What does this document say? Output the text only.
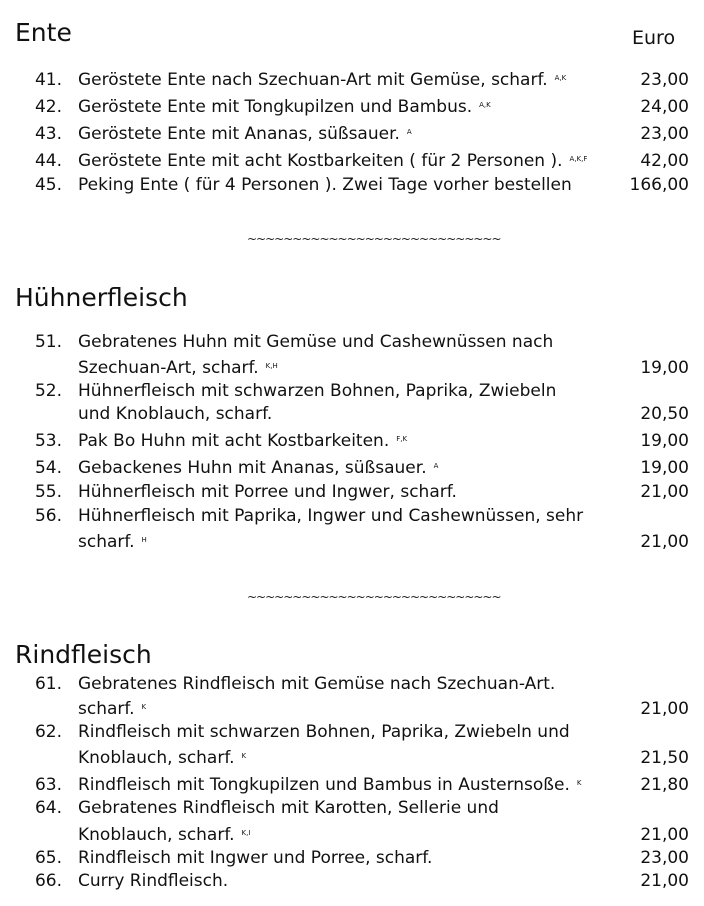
Ente	Euro
41. Geröstete Ente nach Szechuan-Art mit Gemüse, scharf. $^{A,K}$	23,00
42. Geröstete Ente mit Tongkupilzen und Bambus. $^{A,K}$	24,00
43. Geröstete Ente mit Ananas, süßsauer. $^A$	23,00
44. Geröstete Ente mit acht Kostbarkeiten ( für 2 Personen ). $^{A,K,F}$	42,00
45. Peking Ente ( für 4 Personen ). Zwei Tage vorher bestellen	166,00
~~~~~~~~~~~~~~~~~~~~~~~~~~~~
Hühnerfleisch
51. Gebratenes Huhn mit Gemüse und Cashewnüssen nach
Szechuan-Art, scharf. $^{K,H}$	19,00
52. Hühnerfleisch mit schwarzen Bohnen, Paprika, Zwiebeln
und Knoblauch, scharf.	20,50
53. Pak Bo Huhn mit acht Kostbarkeiten. $^{F,K}$	19,00
54. Gebackenes Huhn mit Ananas, süßsauer. $^A$	19,00
55. Hühnerfleisch mit Porree und Ingwer, scharf.	21,00
56. Hühnerfleisch mit Paprika, Ingwer und Cashewnüssen, sehr
scharf. $^H$	21,00
~~~~~~~~~~~~~~~~~~~~~~~~~~~~
Rindfleisch
61. Gebratenes Rindfleisch mit Gemüse nach Szechuan-Art.
scharf. $^K$	21,00
62. Rindfleisch mit schwarzen Bohnen, Paprika, Zwiebeln und
Knoblauch, scharf. $^K$	21,50
63. Rindfleisch mit Tongkupilzen und Bambus in Austernsoße. $^K$	21,80
64. Gebratenes Rindfleisch mit Karotten, Sellerie und
Knoblauch, scharf. $^{K,I}$	21,00
65. Rindfleisch mit Ingwer und Porree, scharf.	23,00
66. Curry Rindfleisch.	21,00
